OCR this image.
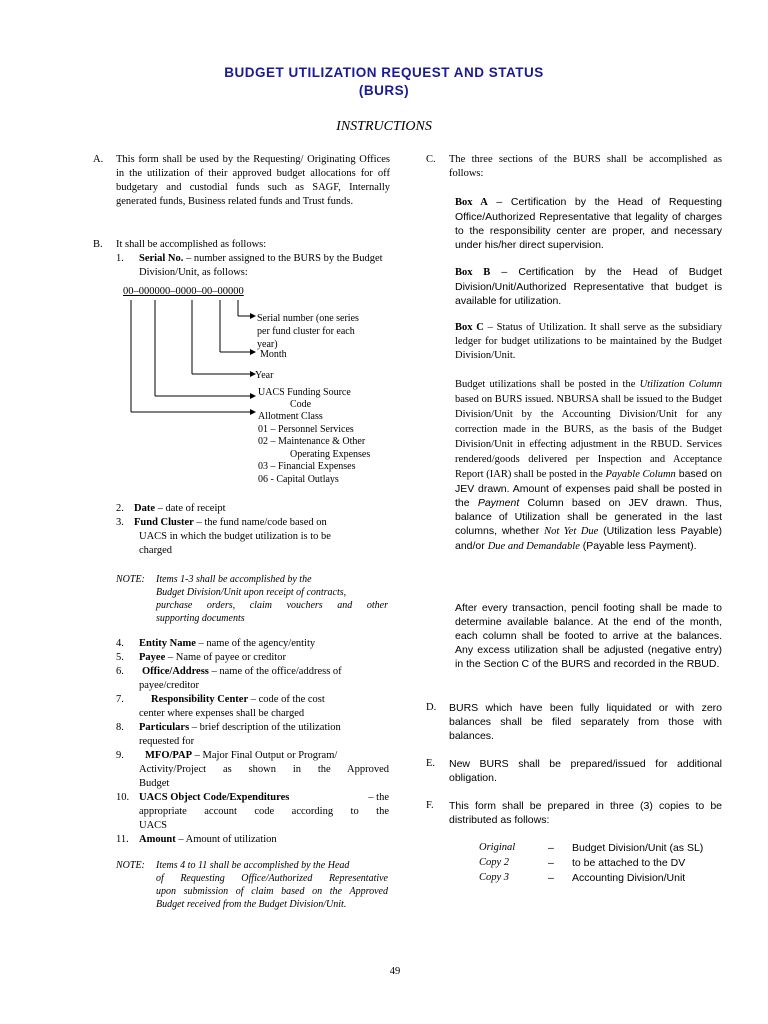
BUDGET UTILIZATION REQUEST AND STATUS
(BURS)
INSTRUCTIONS
A. This form shall be used by the Requesting/ Originating Offices in the utilization of their approved budget allocations for off budgetary and custodial funds such as SAGF, Internally generated funds, Business related funds and Trust funds.
B. It shall be accomplished as follows:
1. Serial No. – number assigned to the BURS by the Budget Division/Unit, as follows:
00–000000–0000–00–00000
Serial number (one series
per fund cluster for each
year)
Month
Year
UACS Funding Source
Code
Allotment Class
01 – Personnel Services
02 – Maintenance & Other
Operating Expenses
03 – Financial Expenses
06 - Capital Outlays
2. Date – date of receipt
3. Fund Cluster – the fund name/code based on
UACS in which the budget utilization is to be
charged
NOTE: Items 1-3 shall be accomplished by the
Budget Division/Unit upon receipt of contracts,
purchase orders, claim vouchers and other
supporting documents
4. Entity Name – name of the agency/entity
5. Payee – Name of payee or creditor
6. Office/Address – name of the office/address of
payee/creditor
7.	Responsibility Center – code of the cost
center where expenses shall be charged
8. Particulars – brief description of the utilization
requested for
9. MFO/PAP – Major Final Output or Program/
Activity/Project as shown in the Approved
Budget
10. UACS Object Code/Expenditures	– the
appropriate account code according to the
UACS
11. Amount – Amount of utilization
NOTE: Items 4 to 11 shall be accomplished by the Head
of Requesting Office/Authorized Representative
upon submission of claim based on the Approved
Budget received from the Budget Division/Unit.
C. The three sections of the BURS shall be accomplished as follows:
Box A – Certification by the Head of Requesting Office/Authorized Representative that legality of charges to the responsibility center are proper, and necessary under his/her direct supervision.
Box B – Certification by the Head of Budget Division/Unit/Authorized Representative that budget is available for utilization.
Box C – Status of Utilization. It shall serve as the subsidiary ledger for budget utilizations to be maintained by the Budget Division/Unit.
Budget utilizations shall be posted in the Utilization Column based on BURS issued. NBURSA shall be issued to the Budget Division/Unit by the Accounting Division/Unit for any correction made in the BURS, as the basis of the Budget Division/Unit in effecting adjustment in the RBUD. Services rendered/goods delivered per Inspection and Acceptance Report (IAR) shall be posted in the Payable Column based on JEV drawn. Amount of expenses paid shall be posted in the Payment Column based on JEV drawn. Thus, balance of Utilization shall be generated in the last columns, whether Not Yet Due (Utilization less Payable) and/or Due and Demandable (Payable less Payment).
After every transaction, pencil footing shall be made to determine available balance. At the end of the month, each column shall be footed to arrive at the balances. Any excess utilization shall be adjusted (negative entry) in the Section C of the BURS and recorded in the RBUD.
D. BURS which have been fully liquidated or with zero balances shall be filed separately from those with balances.
E. New BURS shall be prepared/issued for additional obligation.
F. This form shall be prepared in three (3) copies to be distributed as follows:
Original	– Budget Division/Unit (as SL)
Copy 2	– to be attached to the DV
Copy 3	– Accounting Division/Unit
49
